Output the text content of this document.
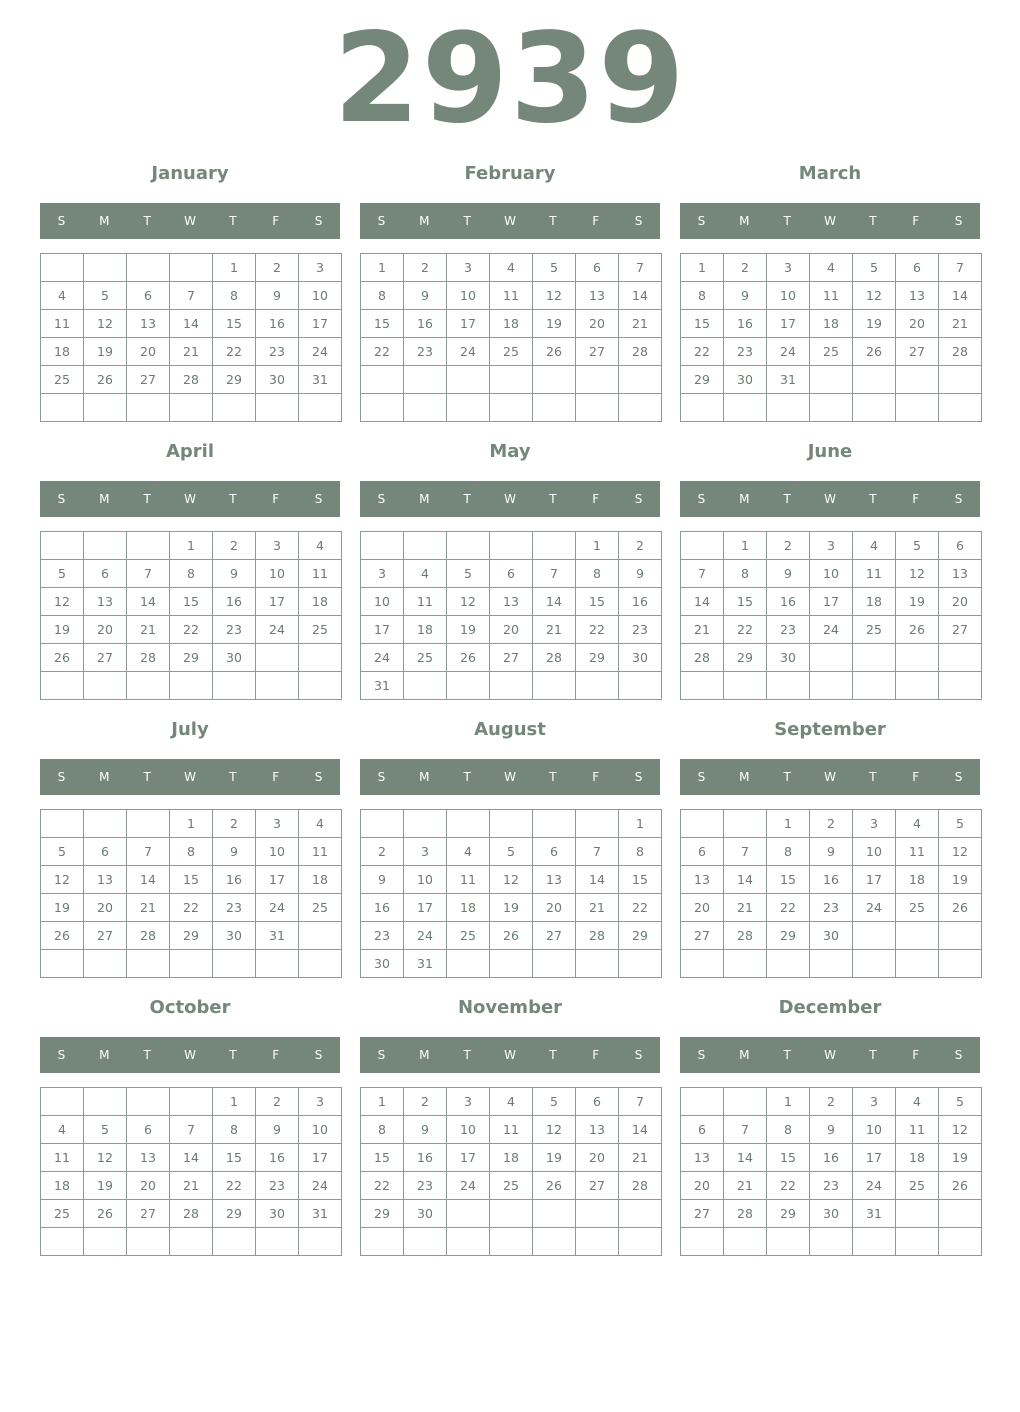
2939
January
S	M	T	W	T	F	S
				1	2	3
4	5	6	7	8	9	10
11	12	13	14	15	16	17
18	19	20	21	22	23	24
25	26	27	28	29	30	31

February
S	M	T	W	T	F	S
1	2	3	4	5	6	7
8	9	10	11	12	13	14
15	16	17	18	19	20	21
22	23	24	25	26	27	28

March
S	M	T	W	T	F	S
1	2	3	4	5	6	7
8	9	10	11	12	13	14
15	16	17	18	19	20	21
22	23	24	25	26	27	28
29	30	31				

April
S	M	T	W	T	F	S
			1	2	3	4
5	6	7	8	9	10	11
12	13	14	15	16	17	18
19	20	21	22	23	24	25
26	27	28	29	30		

May
S	M	T	W	T	F	S
					1	2
3	4	5	6	7	8	9
10	11	12	13	14	15	16
17	18	19	20	21	22	23
24	25	26	27	28	29	30
31						
June
S	M	T	W	T	F	S
	1	2	3	4	5	6
7	8	9	10	11	12	13
14	15	16	17	18	19	20
21	22	23	24	25	26	27
28	29	30				

July
S	M	T	W	T	F	S
			1	2	3	4
5	6	7	8	9	10	11
12	13	14	15	16	17	18
19	20	21	22	23	24	25
26	27	28	29	30	31	

August
S	M	T	W	T	F	S
						1
2	3	4	5	6	7	8
9	10	11	12	13	14	15
16	17	18	19	20	21	22
23	24	25	26	27	28	29
30	31					
September
S	M	T	W	T	F	S
		1	2	3	4	5
6	7	8	9	10	11	12
13	14	15	16	17	18	19
20	21	22	23	24	25	26
27	28	29	30			

October
S	M	T	W	T	F	S
				1	2	3
4	5	6	7	8	9	10
11	12	13	14	15	16	17
18	19	20	21	22	23	24
25	26	27	28	29	30	31

November
S	M	T	W	T	F	S
1	2	3	4	5	6	7
8	9	10	11	12	13	14
15	16	17	18	19	20	21
22	23	24	25	26	27	28
29	30					

December
S	M	T	W	T	F	S
		1	2	3	4	5
6	7	8	9	10	11	12
13	14	15	16	17	18	19
20	21	22	23	24	25	26
27	28	29	30	31		
